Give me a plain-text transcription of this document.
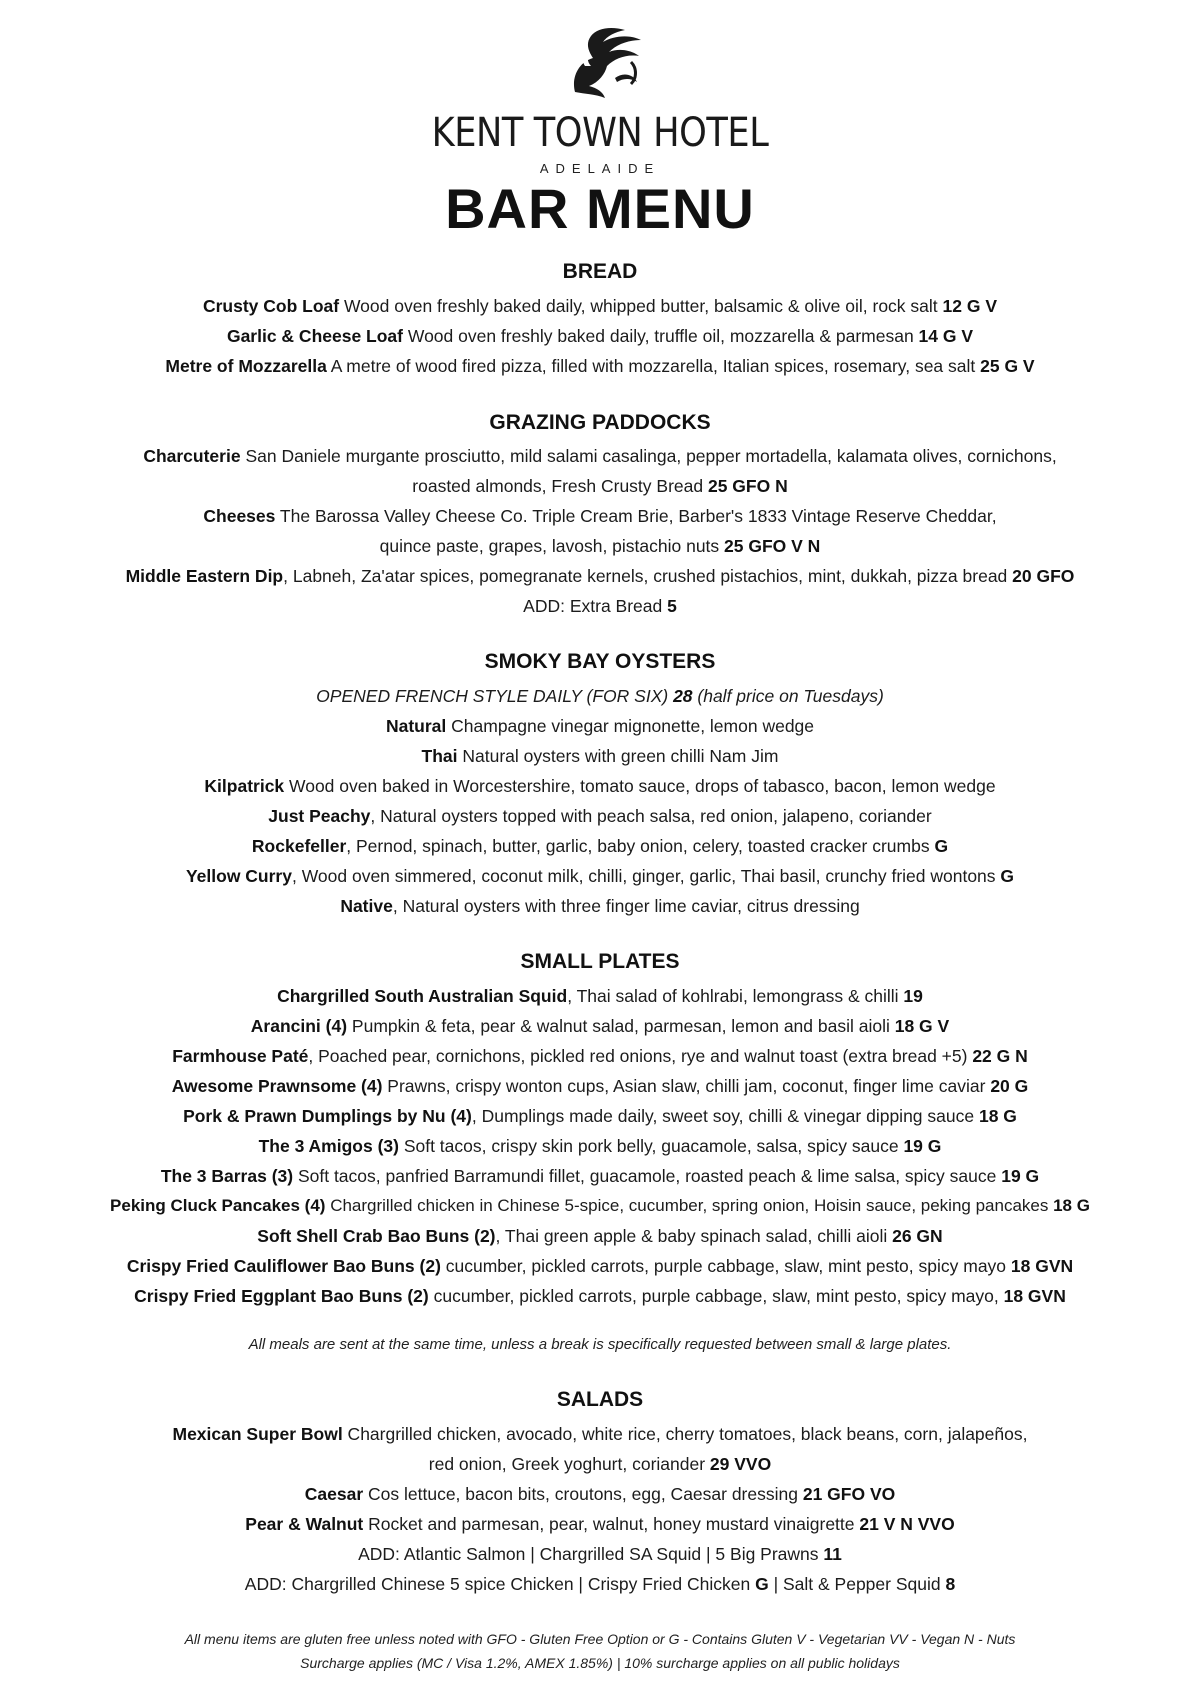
KENT TOWN HOTEL
ADELAIDE
BAR MENU
BREAD
Crusty Cob Loaf Wood oven freshly baked daily, whipped butter, balsamic & olive oil, rock salt 12 G V
Garlic & Cheese Loaf Wood oven freshly baked daily, truffle oil, mozzarella & parmesan 14 G V
Metre of Mozzarella A metre of wood fired pizza, filled with mozzarella, Italian spices, rosemary, sea salt 25 G V
GRAZING PADDOCKS
Charcuterie San Daniele murgante prosciutto, mild salami casalinga, pepper mortadella, kalamata olives, cornichons,
roasted almonds, Fresh Crusty Bread 25 GFO N
Cheeses The Barossa Valley Cheese Co. Triple Cream Brie, Barber's 1833 Vintage Reserve Cheddar,
quince paste, grapes, lavosh, pistachio nuts 25 GFO V N
Middle Eastern Dip, Labneh, Za'atar spices, pomegranate kernels, crushed pistachios, mint, dukkah, pizza bread 20 GFO
ADD: Extra Bread 5
SMOKY BAY OYSTERS
OPENED FRENCH STYLE DAILY (FOR SIX) 28 (half price on Tuesdays)
Natural Champagne vinegar mignonette, lemon wedge
Thai Natural oysters with green chilli Nam Jim
Kilpatrick Wood oven baked in Worcestershire, tomato sauce, drops of tabasco, bacon, lemon wedge
Just Peachy, Natural oysters topped with peach salsa, red onion, jalapeno, coriander
Rockefeller, Pernod, spinach, butter, garlic, baby onion, celery, toasted cracker crumbs G
Yellow Curry, Wood oven simmered, coconut milk, chilli, ginger, garlic, Thai basil, crunchy fried wontons G
Native, Natural oysters with three finger lime caviar, citrus dressing
SMALL PLATES
Chargrilled South Australian Squid, Thai salad of kohlrabi, lemongrass & chilli 19
Arancini (4) Pumpkin & feta, pear & walnut salad, parmesan, lemon and basil aioli 18 G V
Farmhouse Paté, Poached pear, cornichons, pickled red onions, rye and walnut toast (extra bread +5) 22 G N
Awesome Prawnsome (4) Prawns, crispy wonton cups, Asian slaw, chilli jam, coconut, finger lime caviar 20 G
Pork & Prawn Dumplings by Nu (4), Dumplings made daily, sweet soy, chilli & vinegar dipping sauce 18 G
The 3 Amigos (3) Soft tacos, crispy skin pork belly, guacamole, salsa, spicy sauce 19 G
The 3 Barras (3) Soft tacos, panfried Barramundi fillet, guacamole, roasted peach & lime salsa, spicy sauce 19 G
Peking Cluck Pancakes (4) Chargrilled chicken in Chinese 5-spice, cucumber, spring onion, Hoisin sauce, peking pancakes 18 G
Soft Shell Crab Bao Buns (2), Thai green apple & baby spinach salad, chilli aioli 26 GN
Crispy Fried Cauliflower Bao Buns (2) cucumber, pickled carrots, purple cabbage, slaw, mint pesto, spicy mayo 18 GVN
Crispy Fried Eggplant Bao Buns (2) cucumber, pickled carrots, purple cabbage, slaw, mint pesto, spicy mayo, 18 GVN
All meals are sent at the same time, unless a break is specifically requested between small & large plates.
SALADS
Mexican Super Bowl Chargrilled chicken, avocado, white rice, cherry tomatoes, black beans, corn, jalapeños,
red onion, Greek yoghurt, coriander 29 VVO
Caesar Cos lettuce, bacon bits, croutons, egg, Caesar dressing 21 GFO VO
Pear & Walnut Rocket and parmesan, pear, walnut, honey mustard vinaigrette 21 V N VVO
ADD: Atlantic Salmon | Chargrilled SA Squid | 5 Big Prawns 11
ADD: Chargrilled Chinese 5 spice Chicken | Crispy Fried Chicken G | Salt & Pepper Squid 8
All menu items are gluten free unless noted with GFO - Gluten Free Option or G - Contains Gluten V - Vegetarian VV - Vegan N - Nuts
Surcharge applies (MC / Visa 1.2%, AMEX 1.85%) | 10% surcharge applies on all public holidays
